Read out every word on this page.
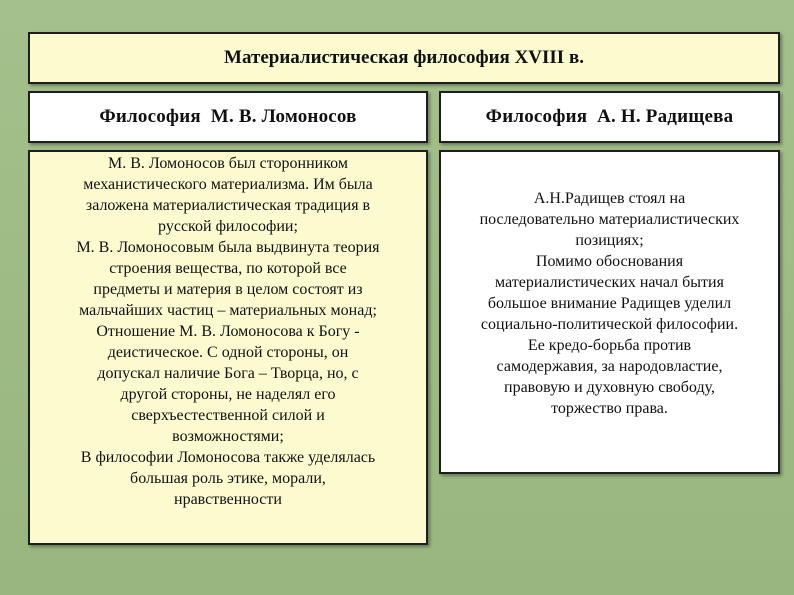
Материалистическая философия XVIII в.
Философия  М. В. Ломоносов	Философия  А. Н. Радищева
М. В. Ломоносов был сторонником
механистического материализма. Им была
заложена материалистическая традиция в
русской философии;
М. В. Ломоносовым была выдвинута теория
строения вещества, по которой все
предметы и материя в целом состоят из
мальчайших частиц – материальных монад;
Отношение М. В. Ломоносова к Богу -
деистическое. С одной стороны, он
допускал наличие Бога – Творца, но, с
другой стороны, не наделял его
сверхъестественной силой и
возможностями;
В философии Ломоносова также уделялась
большая роль этике, морали,
нравственности
А.Н.Радищев стоял на
последовательно материалистических
позициях;
Помимо обоснования
материалистических начал бытия
большое внимание Радищев уделил
социально-политической философии.
Ее кредо-борьба против
самодержавия, за народовластие,
правовую и духовную свободу,
торжество права.
